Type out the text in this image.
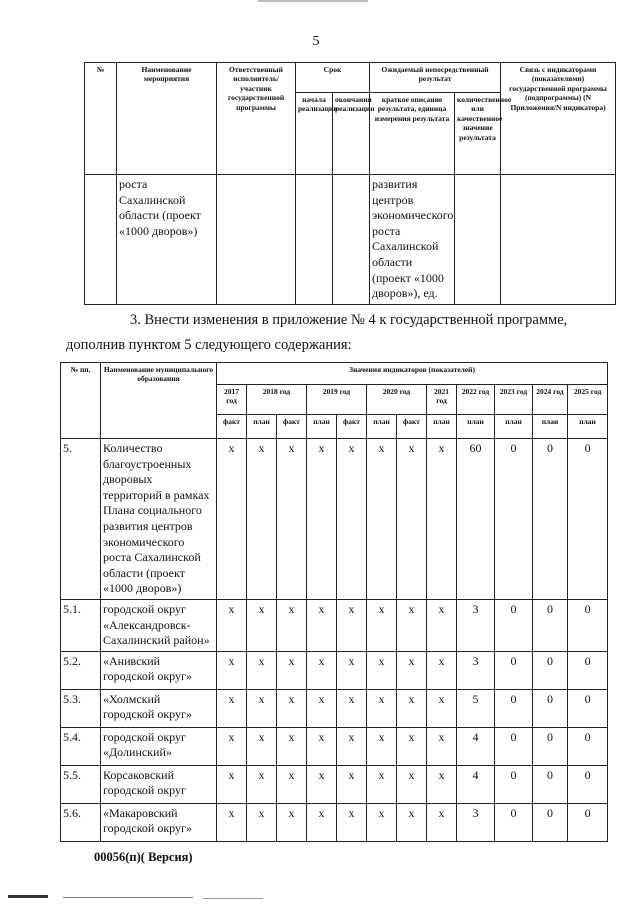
5
№	Наименование мероприятия	Ответственный исполнитель/участник государственной программы	Срок		Ожидаемый непосредственный результат		Связь с индикаторами (показателями) государственной программы (подпрограммы) (N Приложения/N индикатора)
			начала реализации	окончания реализации	краткое описание результата, единица измерения результата	количественное или качественное значение результата	
	роста Сахалинской области (проект «1000 дворов»)				развития центров экономического роста Сахалинской области (проект «1000 дворов»), ед.		
3. Внести изменения в приложение № 4 к государственной программе,
дополнив пунктом 5 следующего содержания:
№ пп.	Наименование муниципального образования	Значения индикаторов (показателей)											
		2017 год	2018 год		2019 год		2020 год		2021 год	2022 год	2023 год	2024 год	2025 год
		факт	план	факт	план	факт	план	факт	план	план	план	план	план
5.	Количество благоустроенных дворовых территорий в рамках Плана социального развития центров экономического роста Сахалинской области (проект «1000 дворов»)	x	x	x	x	x	x	x	x	60	0	0	0
5.1.	городской округ «Александровск-Сахалинский район»	x	x	x	x	x	x	x	x	3	0	0	0
5.2.	«Анивский городской округ»	x	x	x	x	x	x	x	x	3	0	0	0
5.3.	«Холмский городской округ»	x	x	x	x	x	x	x	x	5	0	0	0
5.4.	городской округ «Долинский»	x	x	x	x	x	x	x	x	4	0	0	0
5.5.	Корсаковский городской округ	x	x	x	x	x	x	x	x	4	0	0	0
5.6.	«Макаровский городской округ»	x	x	x	x	x	x	x	x	3	0	0	0
00056(п)( Версия)
